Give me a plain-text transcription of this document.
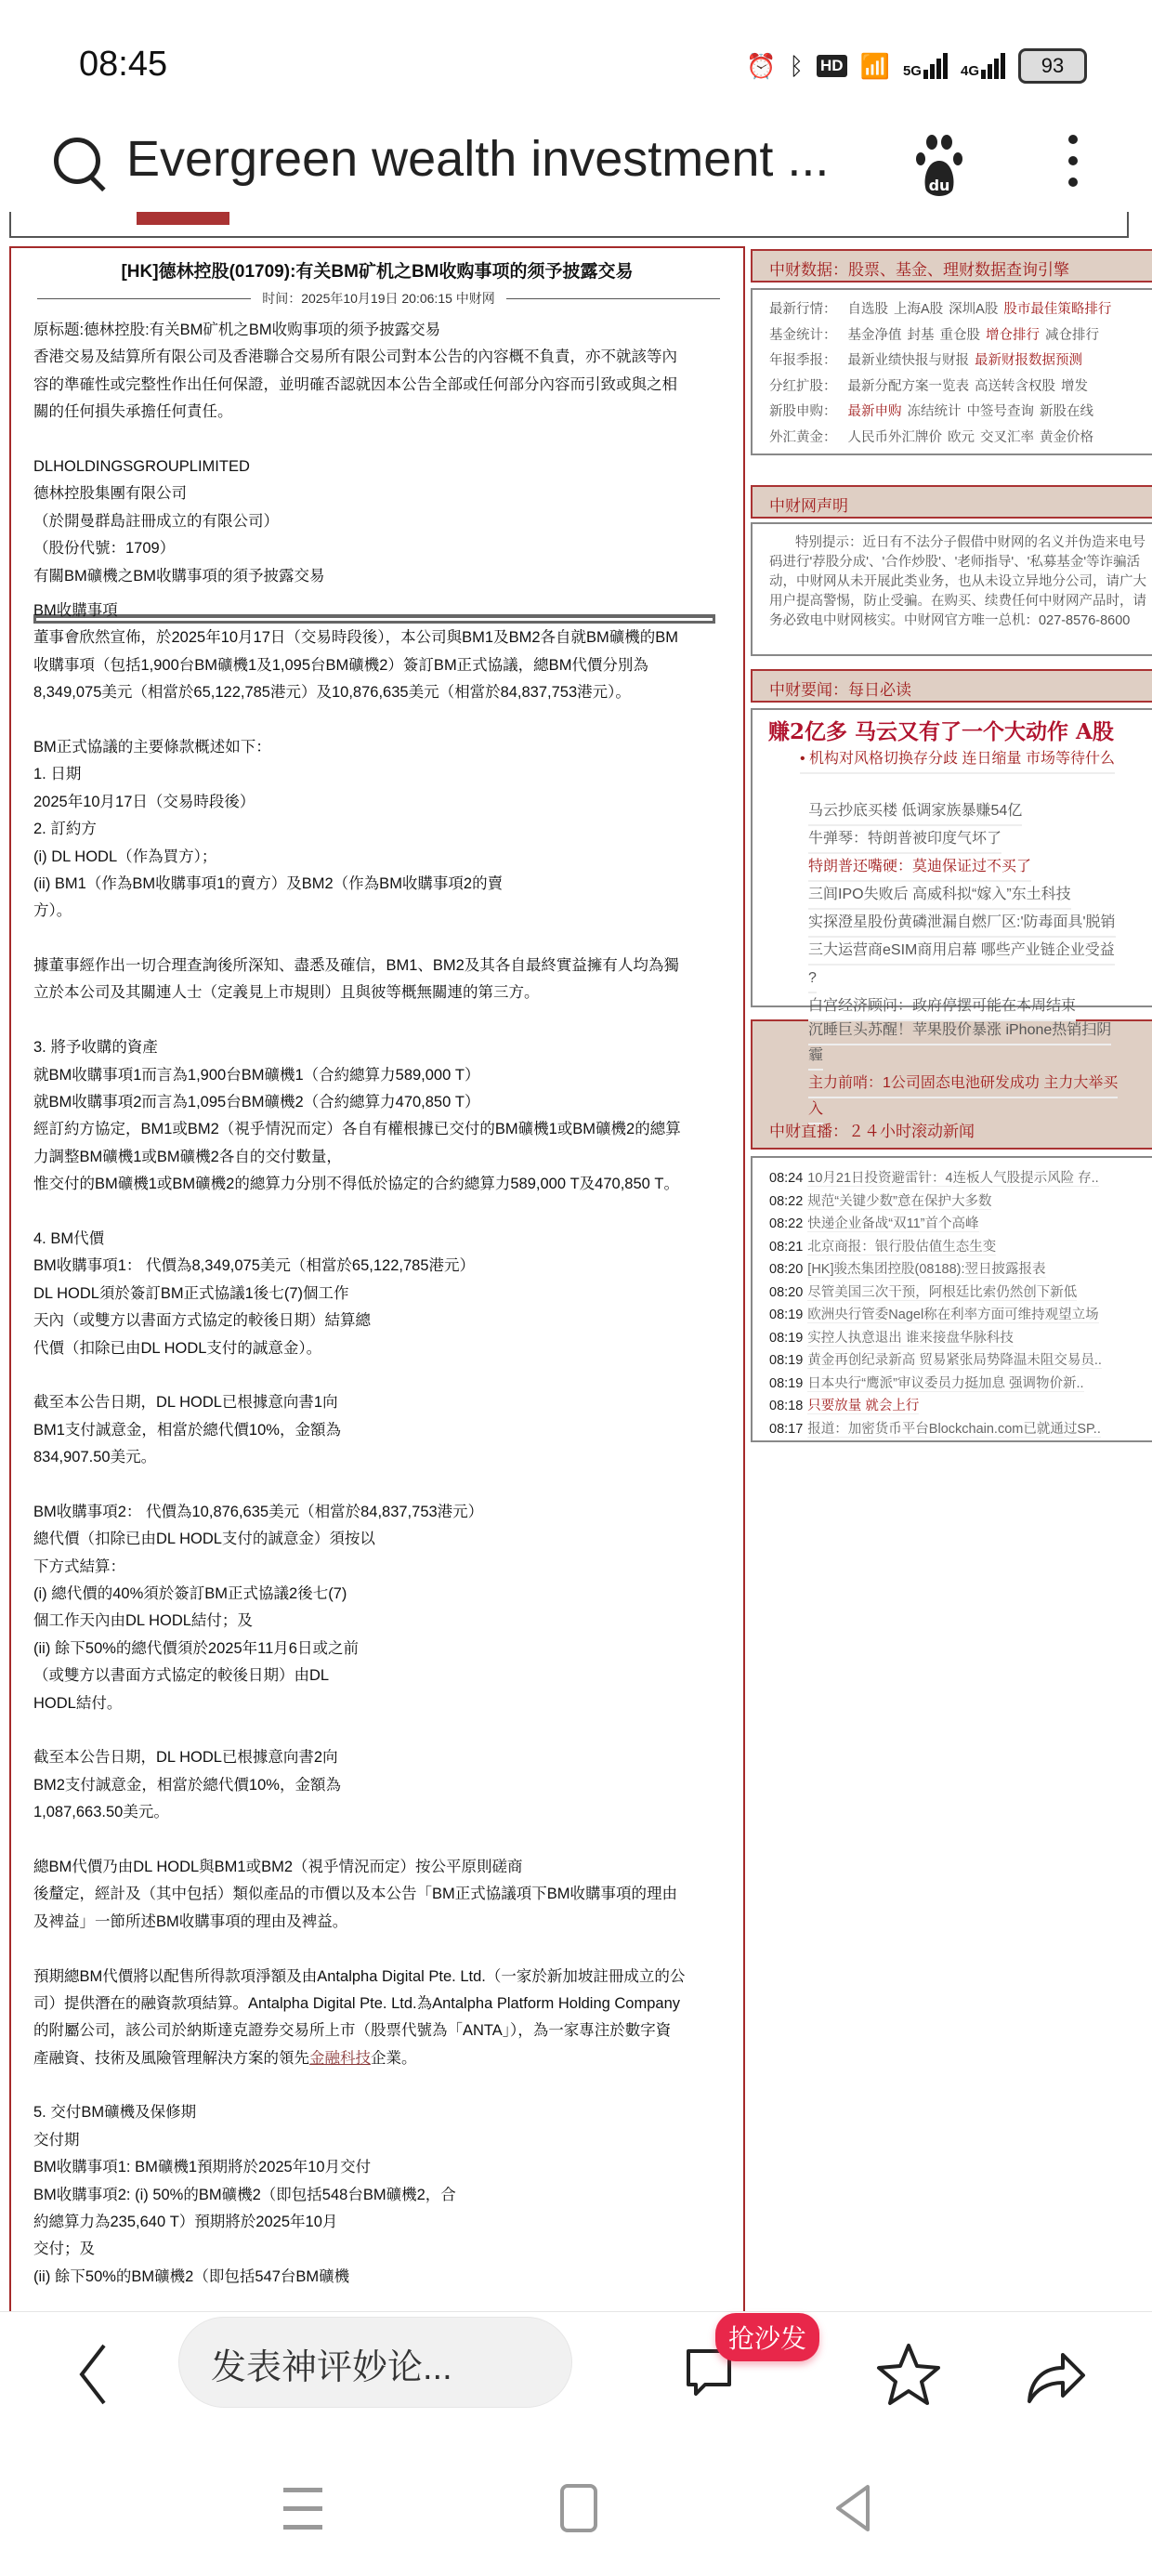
08:45	⏰ ᛒ HD 📶 5G	4G	93
Evergreen wealth investment ...	du
[HK]德林控股(01709):有关BM矿机之BM收购事项的须予披露交易
时间：2025年10月19日 20:06:15 中财网
原标题:德林控股:有关BM矿机之BM收购事项的须予披露交易
香港交易及結算所有限公司及香港聯合交易所有限公司對本公告的內容概不負責，亦不就該等內
容的準確性或完整性作出任何保證，並明確否認就因本公告全部或任何部分內容而引致或與之相
關的任何損失承擔任何責任。
DLHOLDINGSGROUPLIMITED
德林控股集團有限公司
（於開曼群島註冊成立的有限公司）
（股份代號：1709）
有關BM礦機之BM收購事項的須予披露交易
BM收購事項
董事會欣然宣佈，於2025年10月17日（交易時段後），本公司與BM1及BM2各自就BM礦機的BM
收購事項（包括1,900台BM礦機1及1,095台BM礦機2）簽訂BM正式協議，總BM代價分別為
8,349,075美元（相當於65,122,785港元）及10,876,635美元（相當於84,837,753港元）。
BM正式協議的主要條款概述如下：
1. 日期
2025年10月17日（交易時段後）
2. 訂約方
(i) DL HODL（作為買方）；
(ii) BM1（作為BM收購事項1的賣方）及BM2（作為BM收購事項2的賣
方）。
據董事經作出一切合理查詢後所深知、盡悉及確信，BM1、BM2及其各自最終實益擁有人均為獨
立於本公司及其關連人士（定義見上市規則）且與彼等概無關連的第三方。
3. 將予收購的資產
就BM收購事項1而言為1,900台BM礦機1（合約總算力589,000 T）
就BM收購事項2而言為1,095台BM礦機2（合約總算力470,850 T）
經訂約方協定，BM1或BM2（視乎情況而定）各自有權根據已交付的BM礦機1或BM礦機2的總算
力調整BM礦機1或BM礦機2各自的交付數量，
惟交付的BM礦機1或BM礦機2的總算力分別不得低於協定的合約總算力589,000 T及470,850 T。
4. BM代價
BM收購事項1： 代價為8,349,075美元（相當於65,122,785港元）
DL HODL須於簽訂BM正式協議1後七(7)個工作
天內（或雙方以書面方式協定的較後日期）結算總
代價（扣除已由DL HODL支付的誠意金）。
截至本公告日期，DL HODL已根據意向書1向
BM1支付誠意金，相當於總代價10%，金額為
834,907.50美元。
BM收購事項2： 代價為10,876,635美元（相當於84,837,753港元）
總代價（扣除已由DL HODL支付的誠意金）須按以
下方式結算：
(i) 總代價的40%須於簽訂BM正式協議2後七(7)
個工作天內由DL HODL結付；及
(ii) 餘下50%的總代價須於2025年11月6日或之前
（或雙方以書面方式協定的較後日期）由DL
HODL結付。
截至本公告日期，DL HODL已根據意向書2向
BM2支付誠意金，相當於總代價10%，金額為
1,087,663.50美元。
總BM代價乃由DL HODL與BM1或BM2（視乎情況而定）按公平原則磋商
後釐定，經計及（其中包括）類似產品的市價以及本公告「BM正式協議項下BM收購事項的理由
及裨益」一節所述BM收購事項的理由及裨益。
預期總BM代價將以配售所得款項淨額及由Antalpha Digital Pte. Ltd.（一家於新加坡註冊成立的公
司）提供潛在的融資款項結算。Antalpha Digital Pte. Ltd.為Antalpha Platform Holding Company
的附屬公司，該公司於納斯達克證券交易所上市（股票代號為「ANTA」），為一家專注於數字資
產融資、技術及風險管理解決方案的領先金融科技企業。
5. 交付BM礦機及保修期
交付期
BM收購事項1: BM礦機1預期將於2025年10月交付
BM收購事項2: (i) 50%的BM礦機2（即包括548台BM礦機2，合
約總算力為235,640 T）預期將於2025年10月
交付；及
(ii) 餘下50%的BM礦機2（即包括547台BM礦機
中财数据：股票、基金、理财数据查询引擎
最新行情： 自选股 上海A股 深圳A股 股市最佳策略排行
基金统计： 基金净值 封基 重仓股 增仓排行 减仓排行
年报季报： 最新业绩快报与财报 最新财报数据预测
分红扩股： 最新分配方案一览表 高送转含权股 增发
新股申购： 最新申购 冻结统计 中签号查询 新股在线
外汇黄金： 人民币外汇牌价 欧元 交叉汇率 黄金价格
中财网声明
特别提示：近日有不法分子假借中财网的名义并伪造来电号码进行'荐股分成'、'合作炒股'、'老师指导'、'私募基金'等诈骗活动，中财网从未开展此类业务，也从未设立异地分公司，请广大用户提高警惕，防止受骗。在购买、续费任何中财网产品时，请务必致电中财网核实。中财网官方唯一总机：027-8576-8600
中财要闻：每日必读
中财直播：２４小时滚动新闻
赚2亿多 马云又有了一个大动作 A股
• 机构对风格切换存分歧 连日缩量 市场等待什么
马云抄底买楼 低调家族暴赚54亿
牛弹琴：特朗普被印度气坏了
特朗普还嘴硬：莫迪保证过不买了
三闾IPO失败后 高威科拟“嫁入”东土科技
实探澄星股份黄磷泄漏自燃厂区:'防毒面具'脱销
三大运营商eSIM商用启幕 哪些产业链企业受益
?
白宫经济顾问：政府停摆可能在本周结束
沉睡巨头苏醒！苹果股价暴涨 iPhone热销扫阴
霾
主力前哨：1公司固态电池研发成功 主力大举买
入
08:24 10月21日投资避雷针：4连板人气股提示风险 存..
08:22 规范“关键少数”意在保护大多数
08:22 快递企业备战“双11”首个高峰
08:21 北京商报：银行股估值生态生变
08:20 [HK]骏杰集团控股(08188):翌日披露报表
08:20 尽管美国三次干预，阿根廷比索仍然创下新低
08:19 欧洲央行管委Nagel称在利率方面可维持观望立场
08:19 实控人执意退出 谁来接盘华脉科技
08:19 黄金再创纪录新高 贸易紧张局势降温未阻交易员..
08:19 日本央行“鹰派”审议委员力挺加息 强调物价新..
08:18 只要放量 就会上行
08:17 报道：加密货币平台Blockchain.com已就通过SP..
发表神评妙论...
抢沙发
